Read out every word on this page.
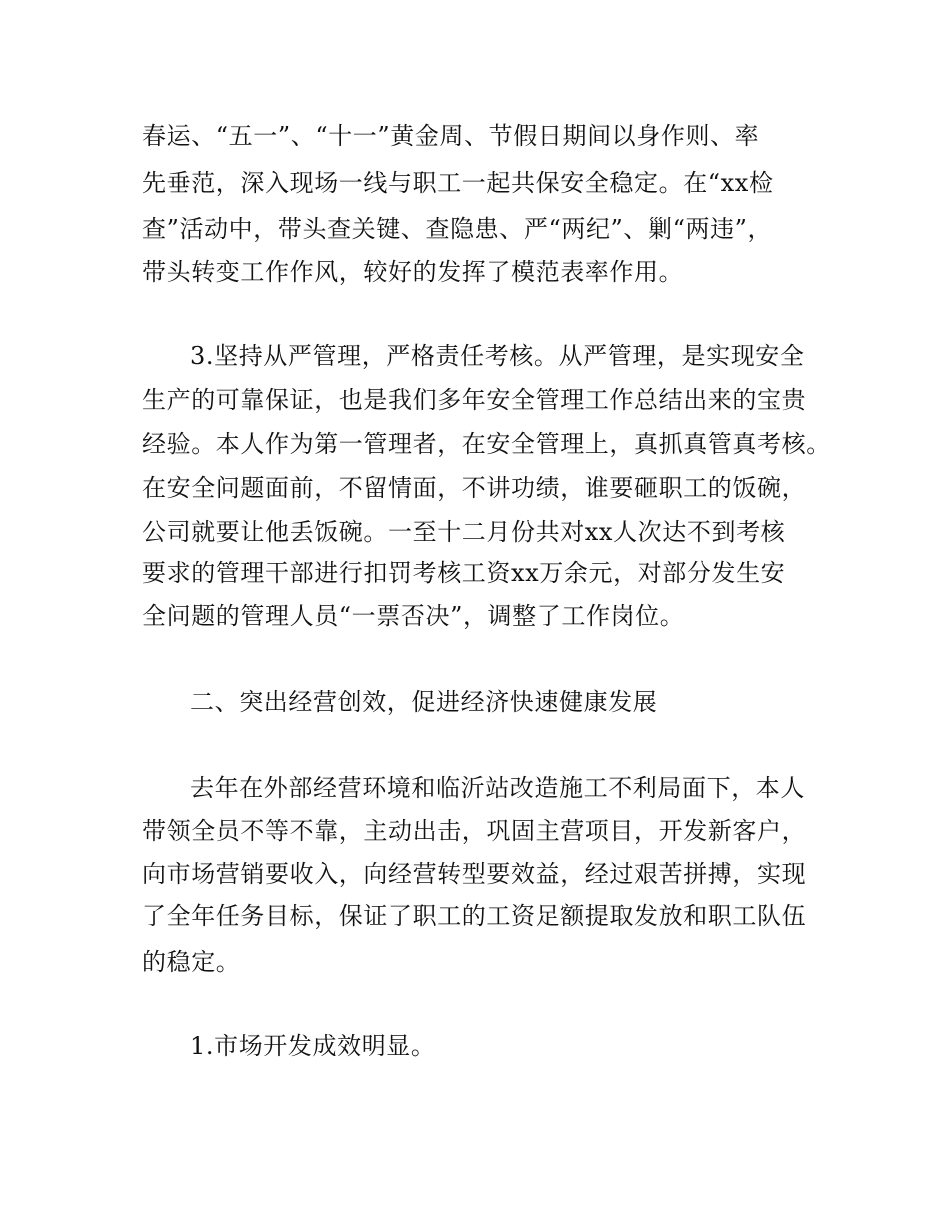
春运、“五一”、“十一”黄金周、节假日期间以身作则、率
先垂范，深入现场一线与职工一起共保安全稳定。在“xx检
查”活动中，带头查关键、查隐患、严“两纪”、剿“两违”，
带头转变工作作风，较好的发挥了模范表率作用。
3.坚持从严管理，严格责任考核。从严管理，是实现安全
生产的可靠保证，也是我们多年安全管理工作总结出来的宝贵
经验。本人作为第一管理者，在安全管理上，真抓真管真考核。
在安全问题面前，不留情面，不讲功绩，谁要砸职工的饭碗，
公司就要让他丢饭碗。一至十二月份共对xx人次达不到考核
要求的管理干部进行扣罚考核工资xx万余元，对部分发生安
全问题的管理人员“一票否决”，调整了工作岗位。
二、突出经营创效，促进经济快速健康发展
去年在外部经营环境和临沂站改造施工不利局面下，本人
带领全员不等不靠，主动出击，巩固主营项目，开发新客户，
向市场营销要收入，向经营转型要效益，经过艰苦拼搏，实现
了全年任务目标，保证了职工的工资足额提取发放和职工队伍
的稳定。
1.市场开发成效明显。
